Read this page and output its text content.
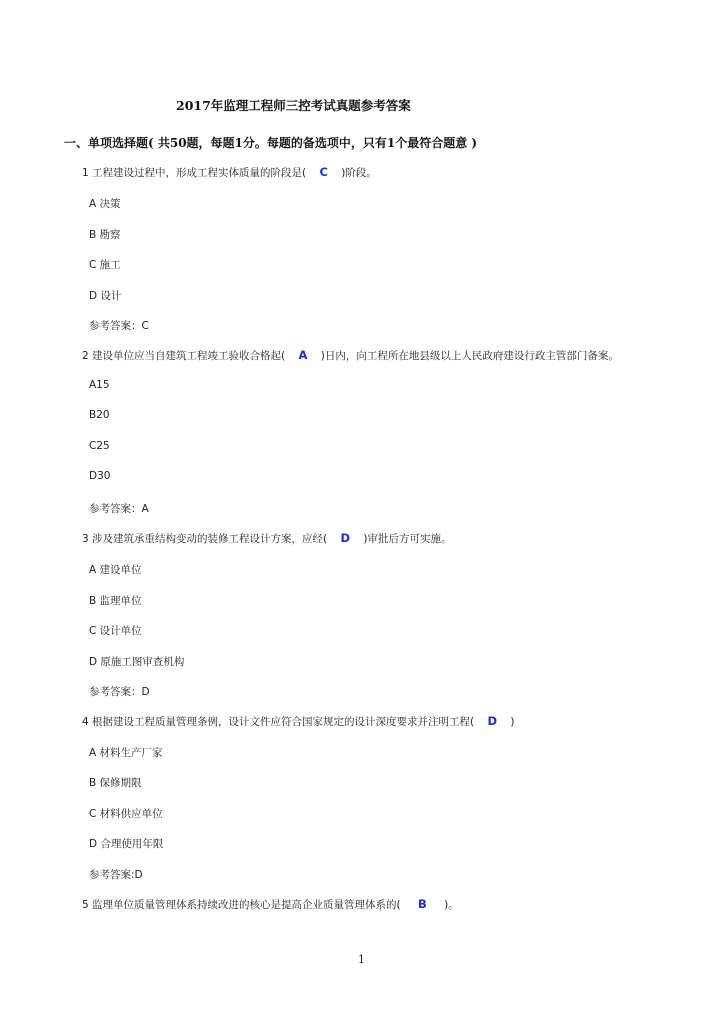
2017年监理工程师三控考试真题参考答案
一、单项选择题( 共50题，每题1分。每题的备选项中，只有1个最符合题意 )
1 工程建设过程中，形成工程实体质量的阶段是( C )阶段。
A 决策
B 勘察
C 施工
D 设计
参考答案：C
2 建设单位应当自建筑工程竣工验收合格起( A )日内，向工程所在地县级以上人民政府建设行政主管部门备案。
A15
B20
C25
D30
参考答案：A
3 涉及建筑承重结构变动的装修工程设计方案，应经( D )审批后方可实施。
A 建设单位
B 监理单位
C 设计单位
D 原施工图审查机构
参考答案：D
4 根据建设工程质量管理条例，设计文件应符合国家规定的设计深度要求并注明工程( D )
A 材料生产厂家
B 保修期限
C 材料供应单位
D 合理使用年限
参考答案:D
5 监理单位质量管理体系持续改进的核心是提高企业质量管理体系的( B )。
1
